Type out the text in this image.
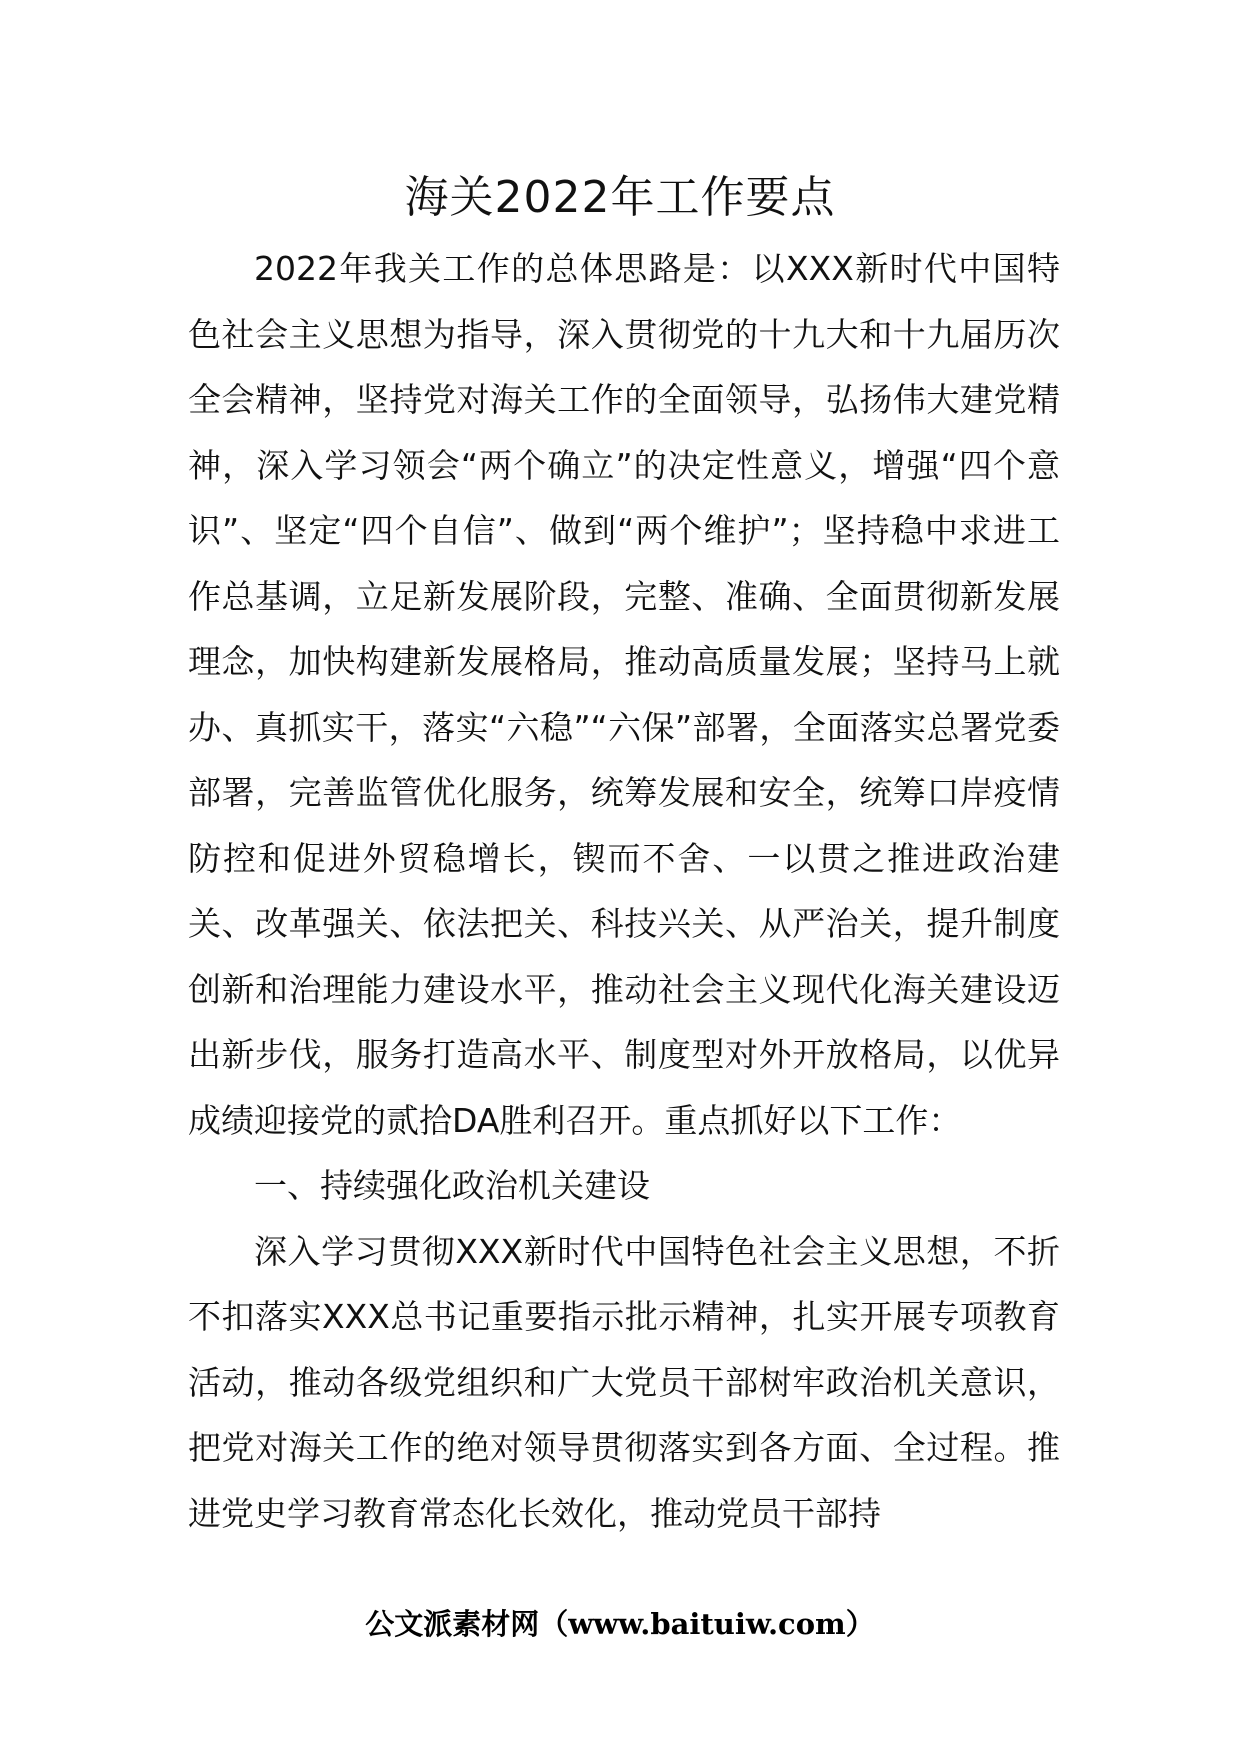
海关2022年工作要点

2022年我关工作的总体思路是：以XXX新时代中国特色社会主义思想为指导，深入贯彻党的十九大和十九届历次全会精神，坚持党对海关工作的全面领导，弘扬伟大建党精神，深入学习领会“两个确立”的决定性意义，增强“四个意识”、坚定“四个自信”、做到“两个维护”；坚持稳中求进工作总基调，立足新发展阶段，完整、准确、全面贯彻新发展理念，加快构建新发展格局，推动高质量发展；坚持马上就办、真抓实干，落实“六稳”“六保”部署，全面落实总署党委部署，完善监管优化服务，统筹发展和安全，统筹口岸疫情防控和促进外贸稳增长，锲而不舍、一以贯之推进政治建关、改革强关、依法把关、科技兴关、从严治关，提升制度创新和治理能力建设水平，推动社会主义现代化海关建设迈出新步伐，服务打造高水平、制度型对外开放格局，以优异成绩迎接党的贰拾DA胜利召开。重点抓好以下工作：

一、持续强化政治机关建设

深入学习贯彻XXX新时代中国特色社会主义思想，不折不扣落实XXX总书记重要指示批示精神，扎实开展专项教育活动，推动各级党组织和广大党员干部树牢政治机关意识，把党对海关工作的绝对领导贯彻落实到各方面、全过程。推进党史学习教育常态化长效化，推动党员干部持

公文派素材网（www.baituiw.com）
